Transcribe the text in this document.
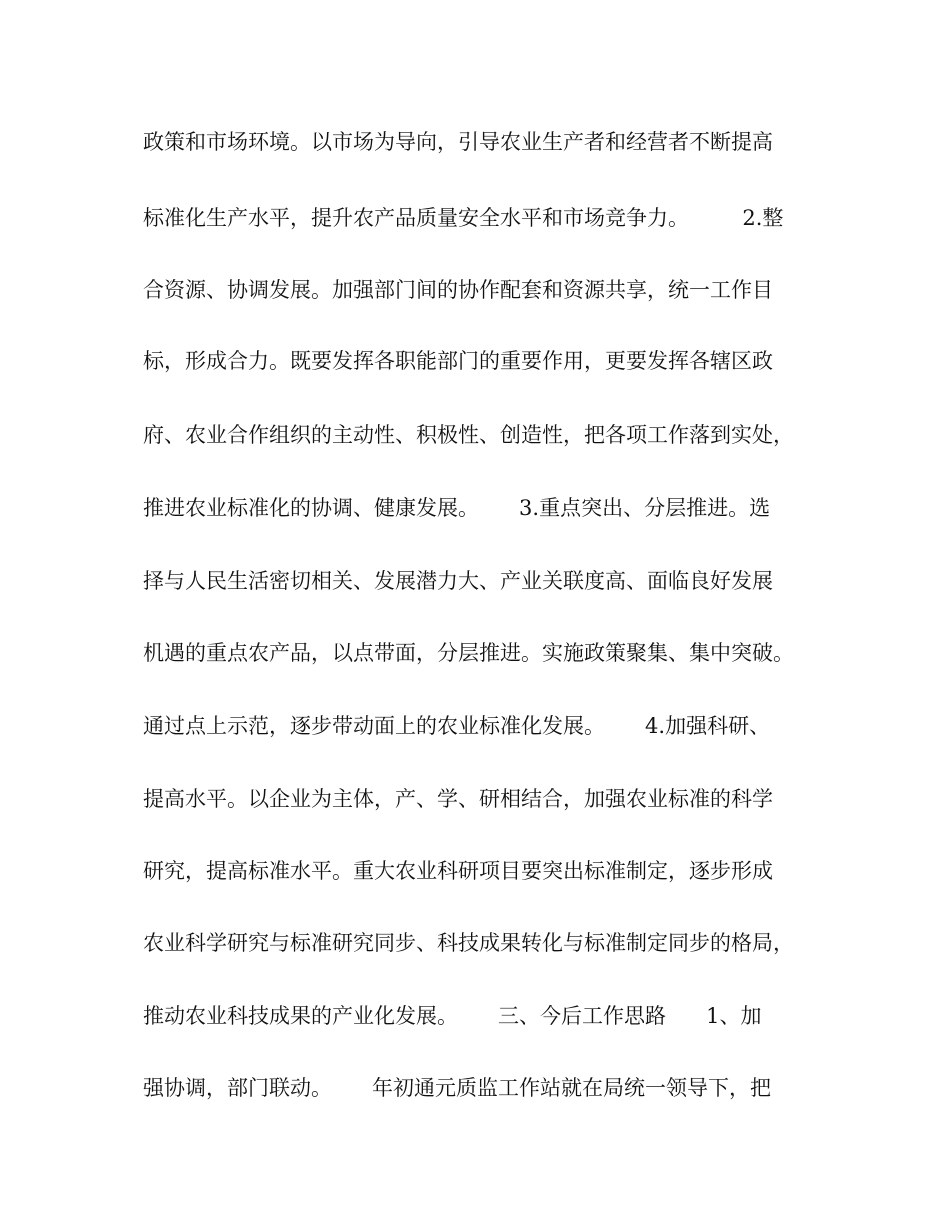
政策和市场环境。以市场为导向，引导农业生产者和经营者不断提高
标准化生产水平，提升农产品质量安全水平和市场竞争力。        2.整
合资源、协调发展。加强部门间的协作配套和资源共享，统一工作目
标，形成合力。既要发挥各职能部门的重要作用，更要发挥各辖区政
府、农业合作组织的主动性、积极性、创造性，把各项工作落到实处，
推进农业标准化的协调、健康发展。      3.重点突出、分层推进。选
择与人民生活密切相关、发展潜力大、产业关联度高、面临良好发展
机遇的重点农产品，以点带面，分层推进。实施政策聚集、集中突破。
通过点上示范，逐步带动面上的农业标准化发展。      4.加强科研、
提高水平。以企业为主体，产、学、研相结合，加强农业标准的科学
研究，提高标准水平。重大农业科研项目要突出标准制定，逐步形成
农业科学研究与标准研究同步、科技成果转化与标准制定同步的格局，
推动农业科技成果的产业化发展。      三、今后工作思路      1、加
强协调，部门联动。      年初通元质监工作站就在局统一领导下，把
